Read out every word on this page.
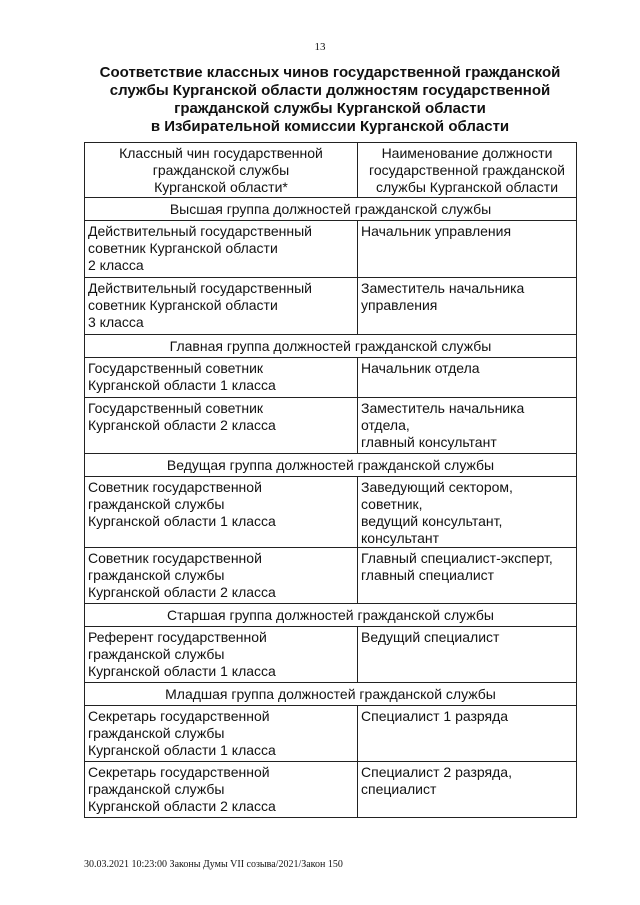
13
Соответствие классных чинов государственной гражданской
службы Курганской области должностям государственной
гражданской службы Курганской области
в Избирательной комиссии Курганской области
Классный чин государственной
гражданской службы
Курганской области*	Наименование должности
государственной гражданской
службы Курганской области

Высшая группа должностей гражданской службы	

Действительный государственный
советник Курганской области
2 класса	Начальник управления

Действительный государственный
советник Курганской области
3 класса	Заместитель начальника
управления

Главная группа должностей гражданской службы	

Государственный советник
Курганской области 1 класса	Начальник отдела

Государственный советник
Курганской области 2 класса	Заместитель начальника
отдела,
главный консультант

Ведущая группа должностей гражданской службы	

Советник государственной
гражданской службы
Курганской области 1 класса	Заведующий сектором,
советник,
ведущий консультант,
консультант

Советник государственной
гражданской службы
Курганской области 2 класса	Главный специалист-эксперт,
главный специалист

Старшая группа должностей гражданской службы	

Референт государственной
гражданской службы
Курганской области 1 класса	Ведущий специалист

Младшая группа должностей гражданской службы	

Секретарь государственной
гражданской службы
Курганской области 1 класса	Специалист 1 разряда

Секретарь государственной
гражданской службы
Курганской области 2 класса	Специалист 2 разряда,
специалист
30.03.2021 10:23:00 Законы Думы VII созыва/2021/Закон 150
